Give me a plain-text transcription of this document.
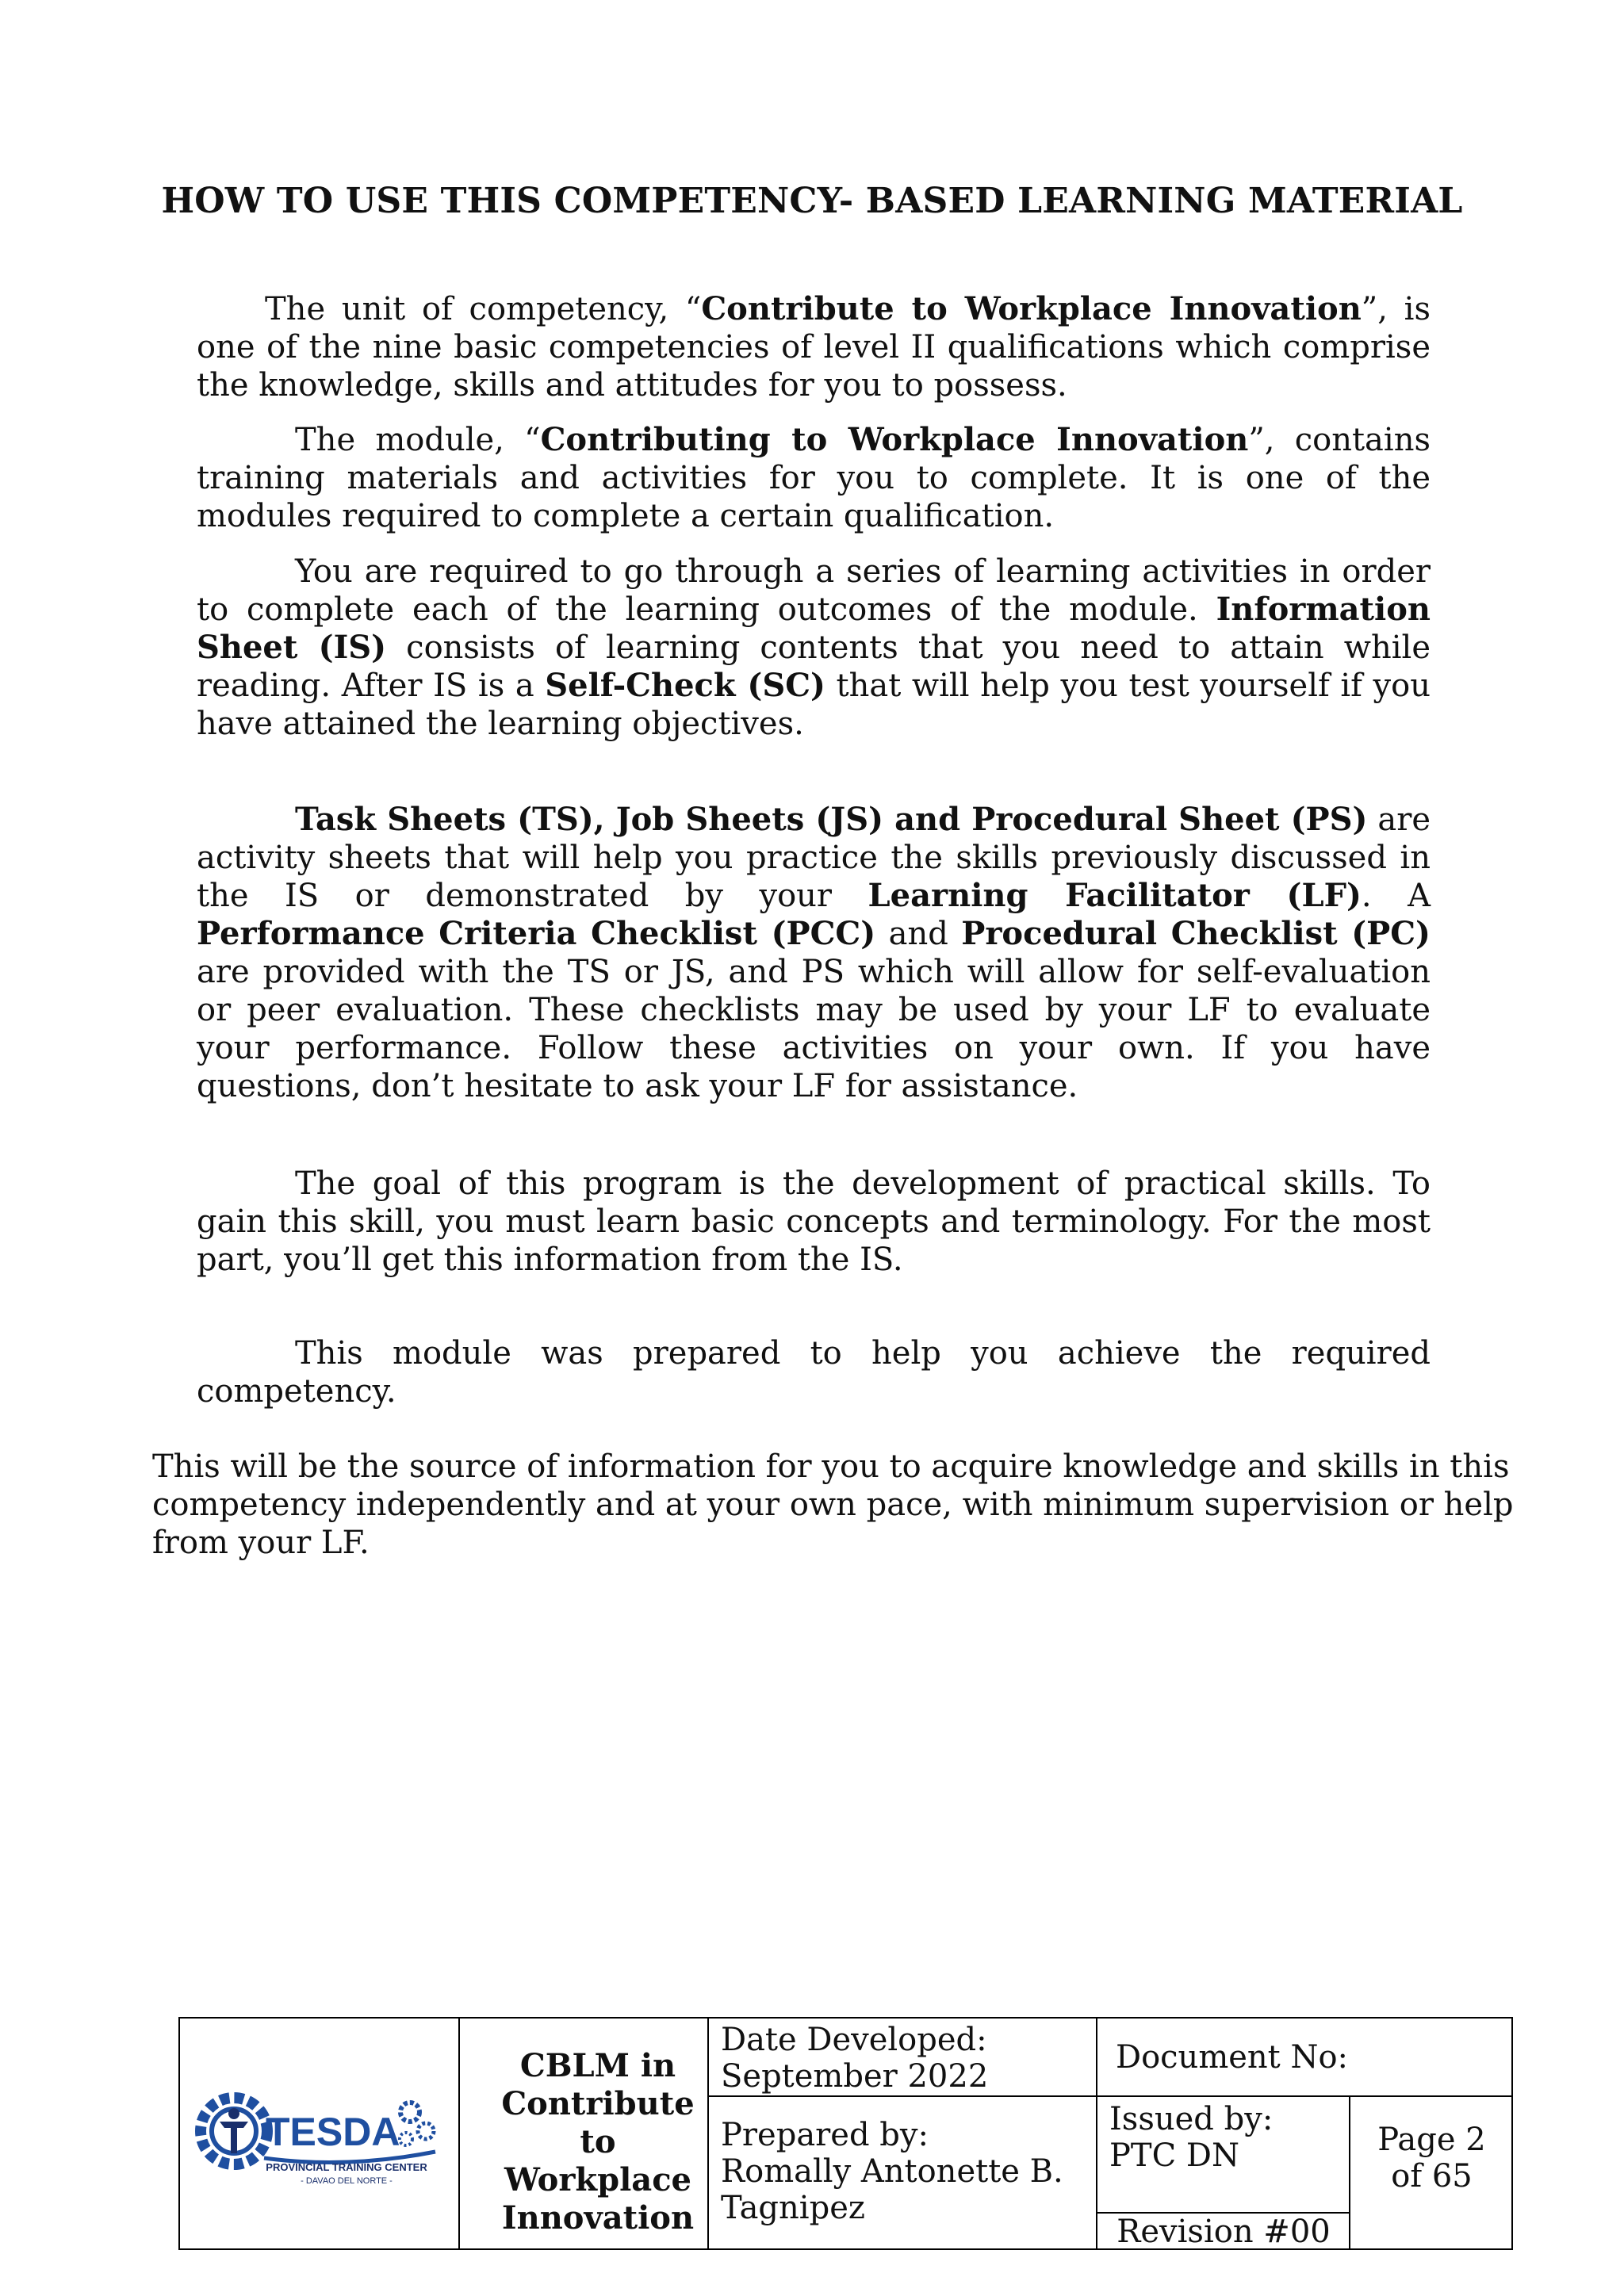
HOW TO USE THIS COMPETENCY- BASED LEARNING MATERIAL
The unit of competency, “Contribute to Workplace Innovation”, is one of the nine basic competencies of level II qualifications which comprise the knowledge, skills and attitudes for you to possess.
The module, “Contributing to Workplace Innovation”, contains training materials and activities for you to complete. It is one of the modules required to complete a certain qualification.
You are required to go through a series of learning activities in order to complete each of the learning outcomes of the module. Information Sheet (IS) consists of learning contents that you need to attain while reading. After IS is a Self-Check (SC) that will help you test yourself if you have attained the learning objectives.
Task Sheets (TS), Job Sheets (JS) and Procedural Sheet (PS) are activity sheets that will help you practice the skills previously discussed in the IS or demonstrated by your Learning Facilitator (LF). A Performance Criteria Checklist (PCC) and Procedural Checklist (PC) are provided with the TS or JS, and PS which will allow for self-evaluation or peer evaluation. These checklists may be used by your LF to evaluate your performance. Follow these activities on your own. If you have questions, don’t hesitate to ask your LF for assistance.
The goal of this program is the development of practical skills. To gain this skill, you must learn basic concepts and terminology. For the most part, you’ll get this information from the IS.
This module was prepared to help you achieve the required competency.
This will be the source of information for you to acquire knowledge and skills in this competency independently and at your own pace, with minimum supervision or help from your LF.
TESDA
PROVINCIAL TRAINING CENTER
- DAVAO DEL NORTE -
CBLM in
Contribute
to
Workplace
Innovation
Date Developed:
September 2022
Prepared by:
Romally Antonette B.
Tagnipez
Document No:
Issued by:
PTC DN
Revision #00
Page 2
of 65
